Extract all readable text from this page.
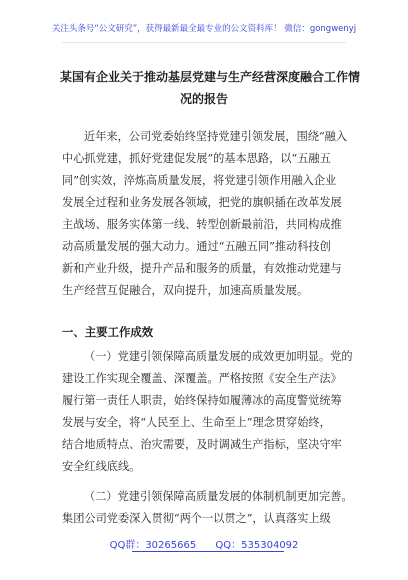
关注头条号“公文研究”，获得最新最全最专业的公文资料库！ 微信：gongwenyj
某国有企业关于推动基层党建与生产经营深度融合工作情
况的报告
近年来，公司党委始终坚持党建引领发展，围绕“融入
中心抓党建，抓好党建促发展”的基本思路，以“五融五
同”创实效，淬炼高质量发展，将党建引领作用融入企业
发展全过程和业务发展各领域，把党的旗帜插在改革发展
主战场、服务实体第一线、转型创新最前沿，共同构成推
动高质量发展的强大动力。通过“五融五同”推动科技创
新和产业升级，提升产品和服务的质量，有效推动党建与
生产经营互促融合，双向提升，加速高质量发展。
一、主要工作成效
（一）党建引领保障高质量发展的成效更加明显。党的
建设工作实现全覆盖、深覆盖。严格按照《安全生产法》
履行第一责任人职责，始终保持如履薄冰的高度警觉统筹
发展与安全，将“人民至上、生命至上”理念贯穿始终，
结合地质特点、治灾需要，及时调减生产指标，坚决守牢
安全红线底线。
（二）党建引领保障高质量发展的体制机制更加完善。
集团公司党委深入贯彻“两个一以贯之”，认真落实上级
QQ群：30265665 QQ：535304092
